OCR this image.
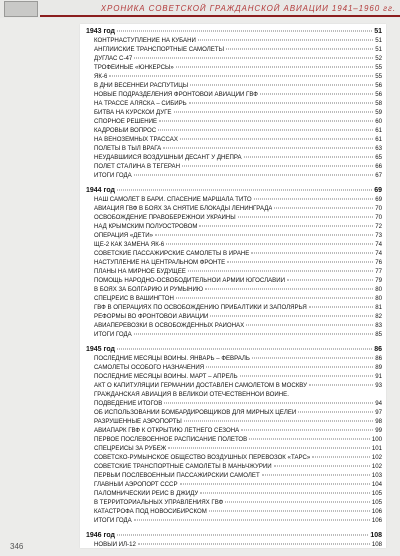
ХРОНИКА СОВЕТСКОЙ ГРАЖДАНСКОЙ АВИАЦИИ 1941–1960 гг.
1943 год	51
КОНТРНАСТУПЛЕНИЕ НА КУБАНИ	51
АНГЛИЙСКИЕ ТРАНСПОРТНЫЕ САМОЛЕТЫ	51
ДУГЛАС С-47	52
ТРОФЕЙНЫЕ «ЮНКЕРСЫ»	55
ЯК-6	55
В ДНИ ВЕСЕННЕЙ РАСПУТИЦЫ	56
НОВЫЕ ПОДРАЗДЕЛЕНИЯ ФРОНТОВОЙ АВИАЦИИ ГВФ	56
НА ТРАССЕ АЛЯСКА – СИБИРЬ	58
БИТВА НА КУРСКОЙ ДУГЕ	59
СПОРНОЕ РЕШЕНИЕ	60
КАДРОВЫЙ ВОПРОС	61
НА ВЕНОЗЕМНЫХ ТРАССАХ	61
ПОЛЕТЫ В ТЫЛ ВРАГА	63
НЕУДАВШИЙСЯ ВОЗДУШНЫЙ ДЕСАНТ У ДНЕПРА	65
ПОЛЕТ СТАЛИНА В ТЕГЕРАН	66
ИТОГИ ГОДА	67
1944 год	69
НАШ САМОЛЕТ В БАРИ. СПАСЕНИЕ МАРШАЛА ТИТО	69
АВИАЦИЯ ГВФ В БОЯХ ЗА СНЯТИЕ БЛОКАДЫ ЛЕНИНГРАДА	70
ОСВОБОЖДЕНИЕ ПРАВОБЕРЕЖНОЙ УКРАИНЫ	70
НАД КРЫМСКИМ ПОЛУОСТРОВОМ	72
ОПЕРАЦИЯ «ДЕТИ»	73
ЩЕ-2 КАК ЗАМЕНА ЯК-6	74
СОВЕТСКИЕ ПАССАЖИРСКИЕ САМОЛЕТЫ В ИРАНЕ	74
НАСТУПЛЕНИЕ НА ЦЕНТРАЛЬНОМ ФРОНТЕ	76
ПЛАНЫ НА МИРНОЕ БУДУЩЕЕ	77
ПОМОЩЬ НАРОДНО-ОСВОБОДИТЕЛЬНОЙ АРМИИ ЮГОСЛАВИИ	79
В БОЯХ ЗА БОЛГАРИЮ И РУМЫНИЮ	80
СПЕЦРЕЙС В ВАШИНГТОН	80
ГВФ В ОПЕРАЦИЯХ ПО ОСВОБОЖДЕНИЮ ПРИБАЛТИКИ И ЗАПОЛЯРЬЯ	81
РЕФОРМЫ ВО ФРОНТОВОЙ АВИАЦИИ	82
АВИАПЕРЕВОЗКИ В ОСВОБОЖДЕННЫХ РАЙОНАХ	83
ИТОГИ ГОДА	85
1945 год	86
ПОСЛЕДНИЕ МЕСЯЦЫ ВОЙНЫ. ЯНВАРЬ – ФЕВРАЛЬ	86
САМОЛЕТЫ ОСОБОГО НАЗНАЧЕНИЯ	89
ПОСЛЕДНИЕ МЕСЯЦЫ ВОЙНЫ. МАРТ – АПРЕЛЬ	91
АКТ О КАПИТУЛЯЦИИ ГЕРМАНИИ ДОСТАВЛЕН САМОЛЕТОМ В МОСКВУ	93
ГРАЖДАНСКАЯ АВИАЦИЯ В ВЕЛИКОЙ ОТЕЧЕСТВЕННОЙ ВОЙНЕ.
ПОДВЕДЕНИЕ ИТОГОВ	94
ОБ ИСПОЛЬЗОВАНИИ БОМБАРДИРОВЩИКОВ ДЛЯ МИРНЫХ ЦЕЛЕЙ	97
РАЗРУШЕННЫЕ АЭРОПОРТЫ	98
АВИАПАРК ГВФ К ОТКРЫТИЮ ЛЕТНЕГО СЕЗОНА	99
ПЕРВОЕ ПОСЛЕВОЕННОЕ РАСПИСАНИЕ ПОЛЕТОВ	100
СПЕЦРЕЙСЫ ЗА РУБЕЖ	101
СОВЕТСКО-РУМЫНСКОЕ ОБЩЕСТВО ВОЗДУШНЫХ ПЕРЕВОЗОК «ТАРС»	102
СОВЕТСКИЕ ТРАНСПОРТНЫЕ САМОЛЕТЫ В МАНЬЧЖУРИИ	102
ПЕРВЫЙ ПОСЛЕВОЕННЫЙ ПАССАЖИРСКИЙ САМОЛЕТ	103
ГЛАВНЫЙ АЭРОПОРТ СССР	104
ПАЛОМНИЧЕСКИЙ РЕЙС В ДЖИДУ	105
В ТЕРРИТОРИАЛЬНЫХ УПРАВЛЕНИЯХ ГВФ	105
КАТАСТРОФА ПОД НОВОСИБИРСКОМ	106
ИТОГИ ГОДА	106
1946 год	108
НОВЫЙ ИЛ-12	108
346
